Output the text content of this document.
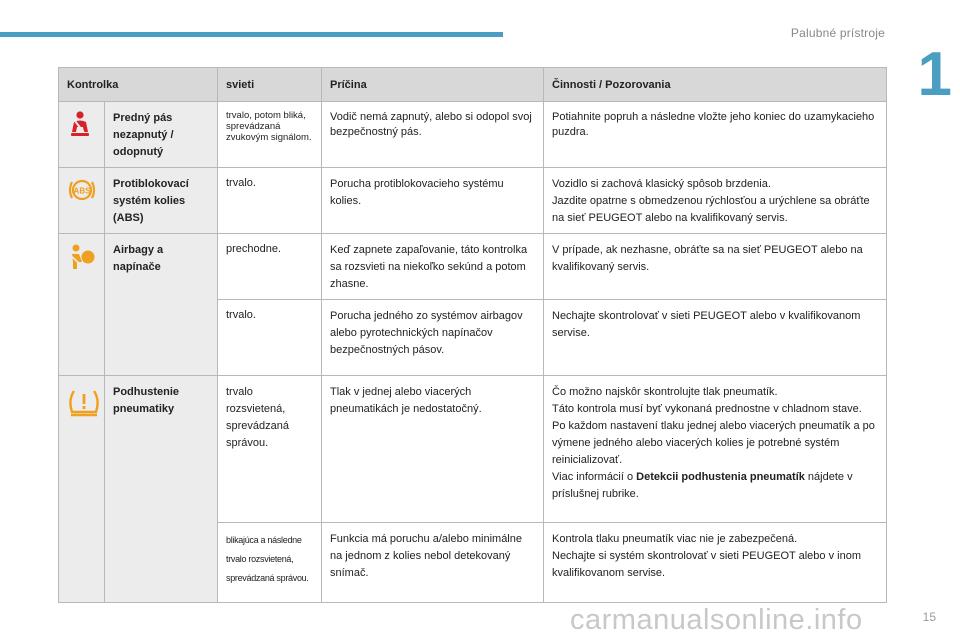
Palubné prístroje
1
Kontrolka		svieti	Príčina	Činnosti / Pozorovania
	Predný pás nezapnutý / odopnutý	trvalo, potom bliká, sprevádzaná zvukovým signálom.	Vodič nemá zapnutý, alebo si odopol svoj bezpečnostný pás.	Potiahnite popruh a následne vložte jeho koniec do uzamykacieho puzdra.

ABS	Protiblokovací systém kolies (ABS)	trvalo.	Porucha protiblokovacieho systému kolies.	Vozidlo si zachová klasický spôsob brzdenia.
Jazdite opatrne s obmedzenou rýchlosťou a urýchlene sa obráťte na sieť PEUGEOT alebo na kvalifikovaný servis.

	Airbagy a napínače	prechodne.	Keď zapnete zapaľovanie, táto kontrolka sa rozsvieti na niekoľko sekúnd a potom zhasne.	V prípade, ak nezhasne, obráťte sa na sieť PEUGEOT alebo na kvalifikovaný servis.

		trvalo.	Porucha jedného zo systémov airbagov alebo pyrotechnických napínačov bezpečnostných pásov.	Nechajte skontrolovať v sieti PEUGEOT alebo v kvalifikovanom servise.

	Podhustenie pneumatiky	trvalo rozsvietená, sprevádzaná správou.	Tlak v jednej alebo viacerých pneumatikách je nedostatočný.	Čo možno najskôr skontrolujte tlak pneumatík.
Táto kontrola musí byť vykonaná prednostne v chladnom stave.
Po každom nastavení tlaku jednej alebo viacerých pneumatík a po výmene jedného alebo viacerých kolies je potrebné systém reinicializovať.
Viac informácií o Detekcii podhustenia pneumatík nájdete v príslušnej rubrike.

		blikajúca a následne trvalo rozsvietená, sprevádzaná správou.	Funkcia má poruchu a/alebo minimálne na jednom z kolies nebol detekovaný snímač.	Kontrola tlaku pneumatík viac nie je zabezpečená.
Nechajte si systém skontrolovať v sieti PEUGEOT alebo v inom kvalifikovanom servise.
carmanualsonline.info	15
